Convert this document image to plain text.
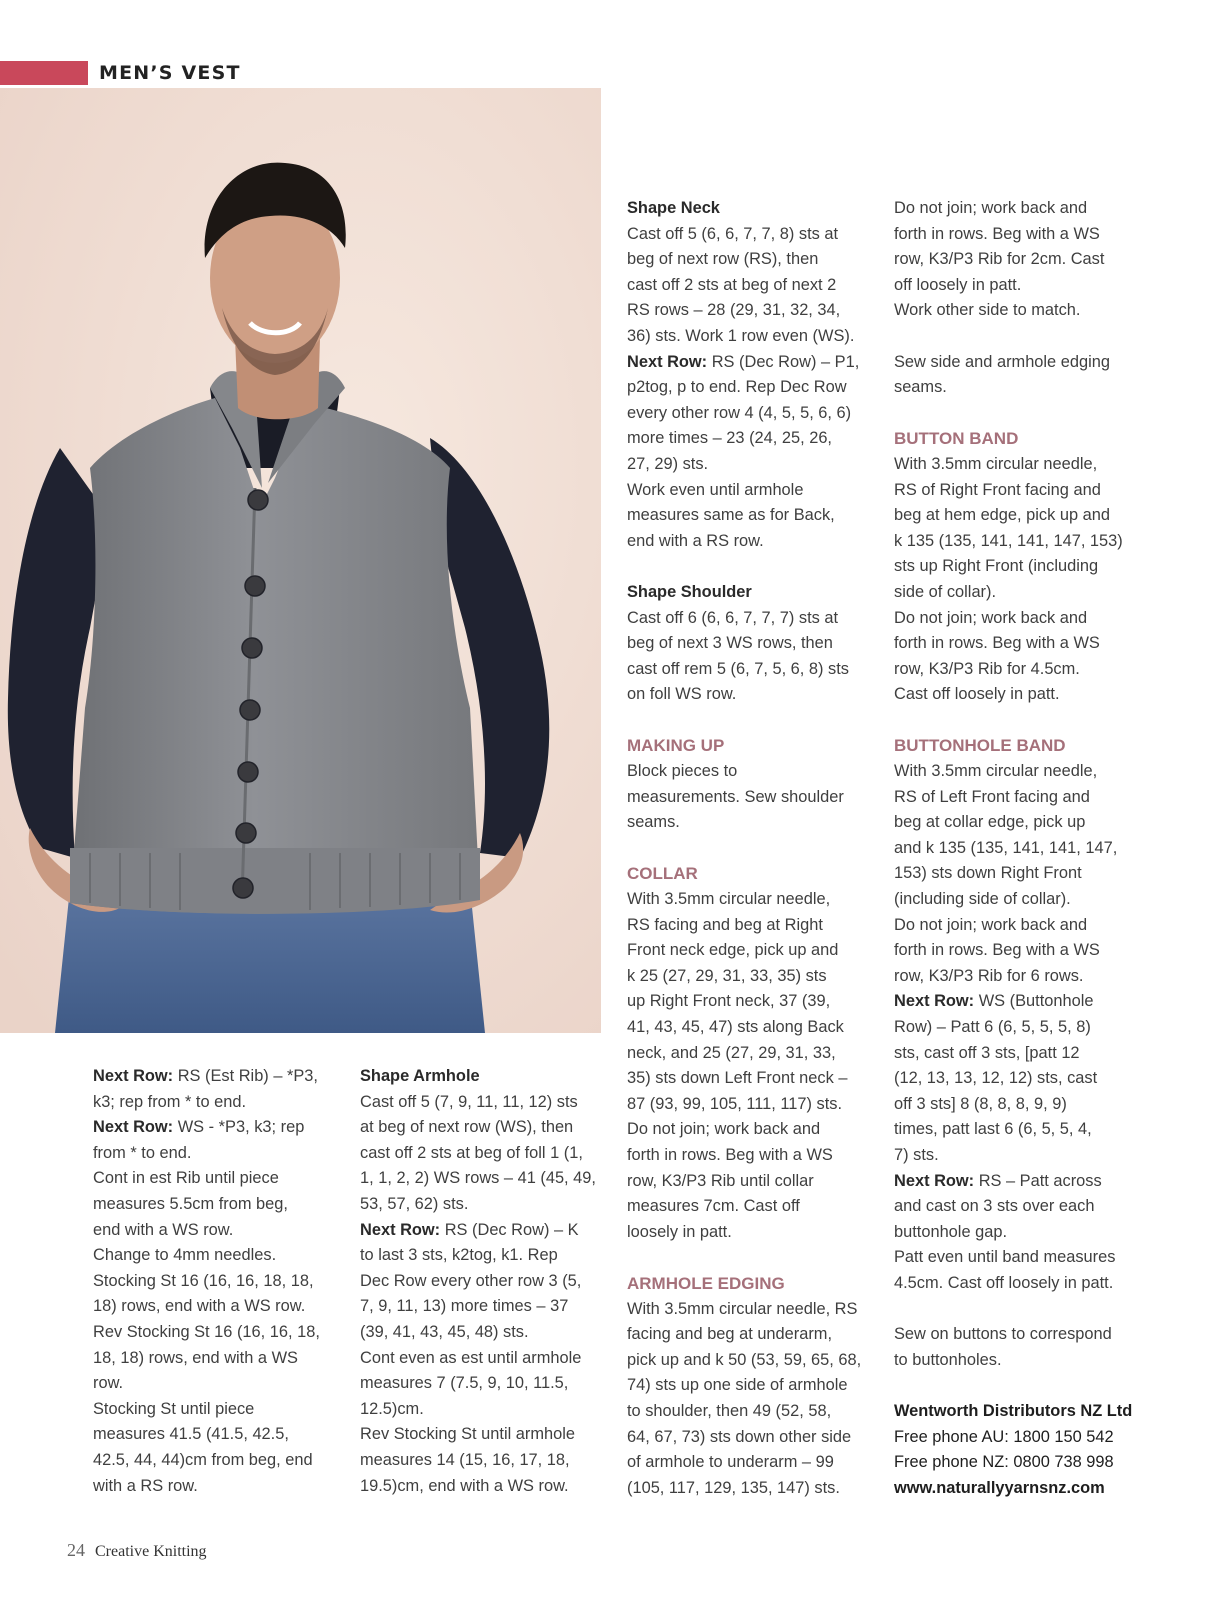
MEN’S VEST

Next Row: RS (Est Rib) – *P3,

k3; rep from * to end.

Next Row: WS - *P3, k3; rep

from * to end.

Cont in est Rib until piece

measures 5.5cm from beg,

end with a WS row.

Change to 4mm needles.

Stocking St 16 (16, 16, 18, 18,

18) rows, end with a WS row.

Rev Stocking St 16 (16, 16, 18,

18, 18) rows, end with a WS

row.

Stocking St until piece

measures 41.5 (41.5, 42.5,

42.5, 44, 44)cm from beg, end

with a RS row.

Shape Armhole

Cast off 5 (7, 9, 11, 11, 12) sts

at beg of next row (WS), then

cast off 2 sts at beg of foll 1 (1,

1, 1, 2, 2) WS rows – 41 (45, 49,

53, 57, 62) sts.

Next Row: RS (Dec Row) – K

to last 3 sts, k2tog, k1. Rep

Dec Row every other row 3 (5,

7, 9, 11, 13) more times – 37

(39, 41, 43, 45, 48) sts.

Cont even as est until armhole

measures 7 (7.5, 9, 10, 11.5,

12.5)cm.

Rev Stocking St until armhole

measures 14 (15, 16, 17, 18,

19.5)cm, end with a WS row.

Shape Neck

Cast off 5 (6, 6, 7, 7, 8) sts at

beg of next row (RS), then

cast off 2 sts at beg of next 2

RS rows – 28 (29, 31, 32, 34,

36) sts. Work 1 row even (WS).

Next Row: RS (Dec Row) – P1,

p2tog, p to end. Rep Dec Row

every other row 4 (4, 5, 5, 6, 6)

more times – 23 (24, 25, 26,

27, 29) sts.

Work even until armhole

measures same as for Back,

end with a RS row.

Shape Shoulder

Cast off 6 (6, 6, 7, 7, 7) sts at

beg of next 3 WS rows, then

cast off rem 5 (6, 7, 5, 6, 8) sts

on foll WS row.

MAKING UP

Block pieces to

measurements. Sew shoulder

seams.

COLLAR

With 3.5mm circular needle,

RS facing and beg at Right

Front neck edge, pick up and

k 25 (27, 29, 31, 33, 35) sts

up Right Front neck, 37 (39,

41, 43, 45, 47) sts along Back

neck, and 25 (27, 29, 31, 33,

35) sts down Left Front neck –

87 (93, 99, 105, 111, 117) sts.

Do not join; work back and

forth in rows. Beg with a WS

row, K3/P3 Rib until collar

measures 7cm. Cast off

loosely in patt.

ARMHOLE EDGING

With 3.5mm circular needle, RS

facing and beg at underarm,

pick up and k 50 (53, 59, 65, 68,

74) sts up one side of armhole

to shoulder, then 49 (52, 58,

64, 67, 73) sts down other side

of armhole to underarm – 99

(105, 117, 129, 135, 147) sts.

Do not join; work back and

forth in rows. Beg with a WS

row, K3/P3 Rib for 2cm. Cast

off loosely in patt.

Work other side to match.

Sew side and armhole edging

seams.

BUTTON BAND

With 3.5mm circular needle,

RS of Right Front facing and

beg at hem edge, pick up and

k 135 (135, 141, 141, 147, 153)

sts up Right Front (including

side of collar).

Do not join; work back and

forth in rows. Beg with a WS

row, K3/P3 Rib for 4.5cm.

Cast off loosely in patt.

BUTTONHOLE BAND

With 3.5mm circular needle,

RS of Left Front facing and

beg at collar edge, pick up

and k 135 (135, 141, 141, 147,

153) sts down Right Front

(including side of collar).

Do not join; work back and

forth in rows. Beg with a WS

row, K3/P3 Rib for 6 rows.

Next Row: WS (Buttonhole

Row) – Patt 6 (6, 5, 5, 5, 8)

sts, cast off 3 sts, [patt 12

(12, 13, 13, 12, 12) sts, cast

off 3 sts] 8 (8, 8, 8, 9, 9)

times, patt last 6 (6, 5, 5, 4,

7) sts.

Next Row: RS – Patt across

and cast on 3 sts over each

buttonhole gap.

Patt even until band measures

4.5cm. Cast off loosely in patt.

Sew on buttons to correspond

to buttonholes.

Wentworth Distributors NZ Ltd

Free phone AU: 1800 150 542

Free phone NZ: 0800 738 998

www.naturallyyarnsnz.com

24 Creative Knitting
